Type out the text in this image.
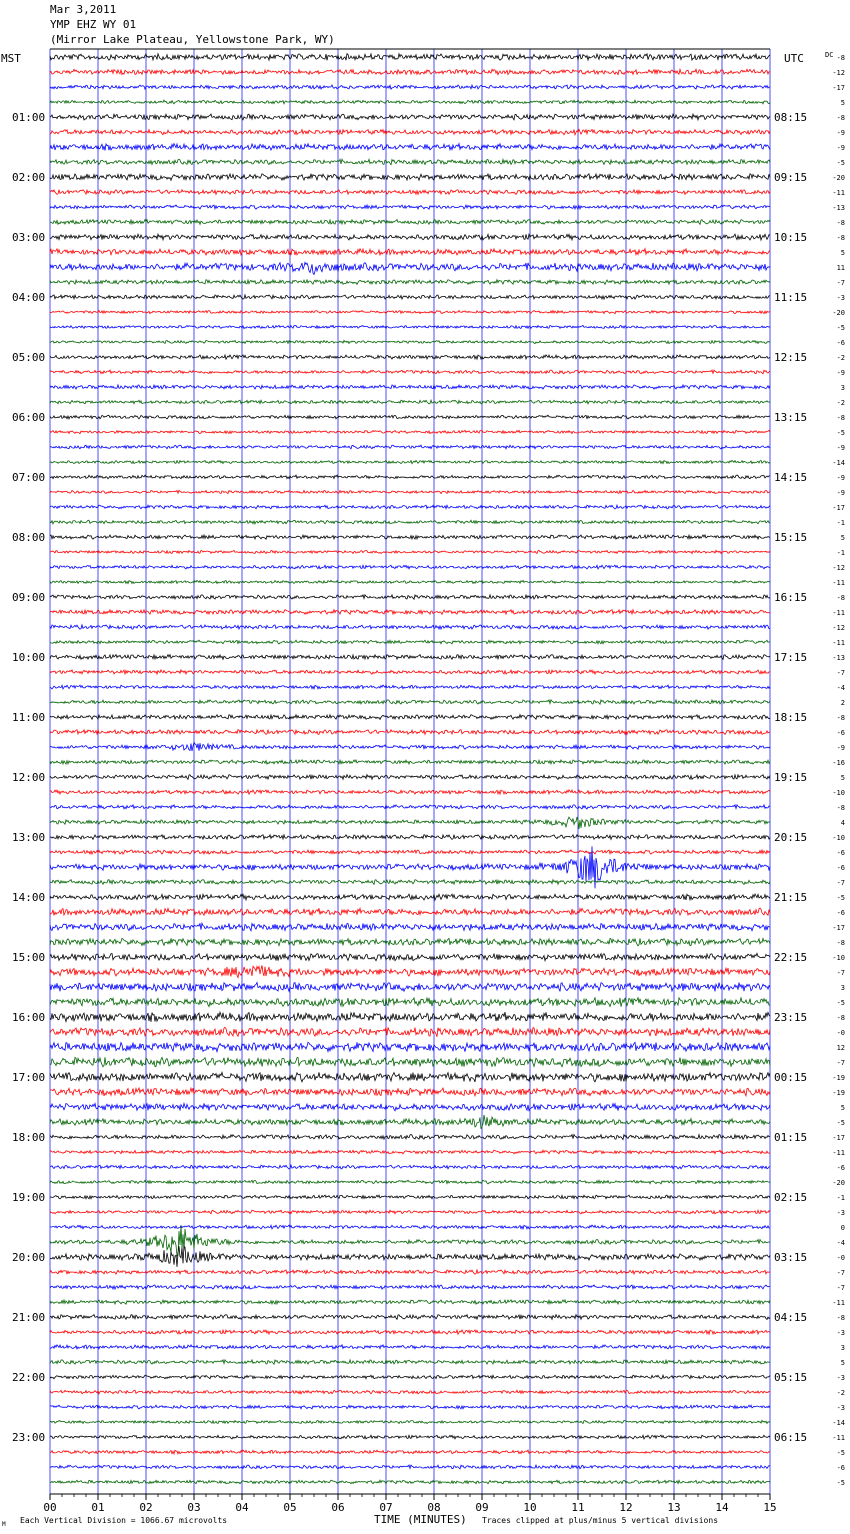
Mar 3,2011
YMP EHZ WY 01
(Mirror Lake Plateau, Yellowstone Park, WY)
MST	UTC	DC
01:00
02:00
03:00
04:00
05:00
06:00
07:00
08:00
09:00
10:00
11:00
12:00
13:00
14:00
15:00
16:00
17:00
18:00
19:00
20:00
21:00
22:00
23:00
08:15
09:15
10:15
11:15
12:15
13:15
14:15
15:15
16:15
17:15
18:15
19:15
20:15
21:15
22:15
23:15
00:15
01:15
02:15
03:15
04:15
05:15
06:15
-8
-12
-17
5
-8
-9
-9
-5
-20
-11
-13
-8
-8
5
11
-7
-3
-20
-5
-6
-2
-9
3
-2
-8
-5
-9
-14
-9
-9
-17
-1
5
-1
-12
-11
-8
-11
-12
-11
-13
-7
-4
2
-8
-6
-9
-16
5
-10
-8
4
-10
-6
-6
-7
-5
-6
-17
-8
-10
-7
3
-5
-8
-0
12
-7
-19
-19
5
-5
-17
-11
-6
-20
-1
-3
0
-4
-0
-7
-7
-11
-8
-3
3
5
-3
-2
-3
-14
-11
-5
-6
-5
00	01	02	03	04	05	06	07	08	09	10	11	12	13	14	15
Each Vertical Division = 1066.67 microvolts	TIME (MINUTES) Traces clipped at plus/minus 5 vertical divisions
M
